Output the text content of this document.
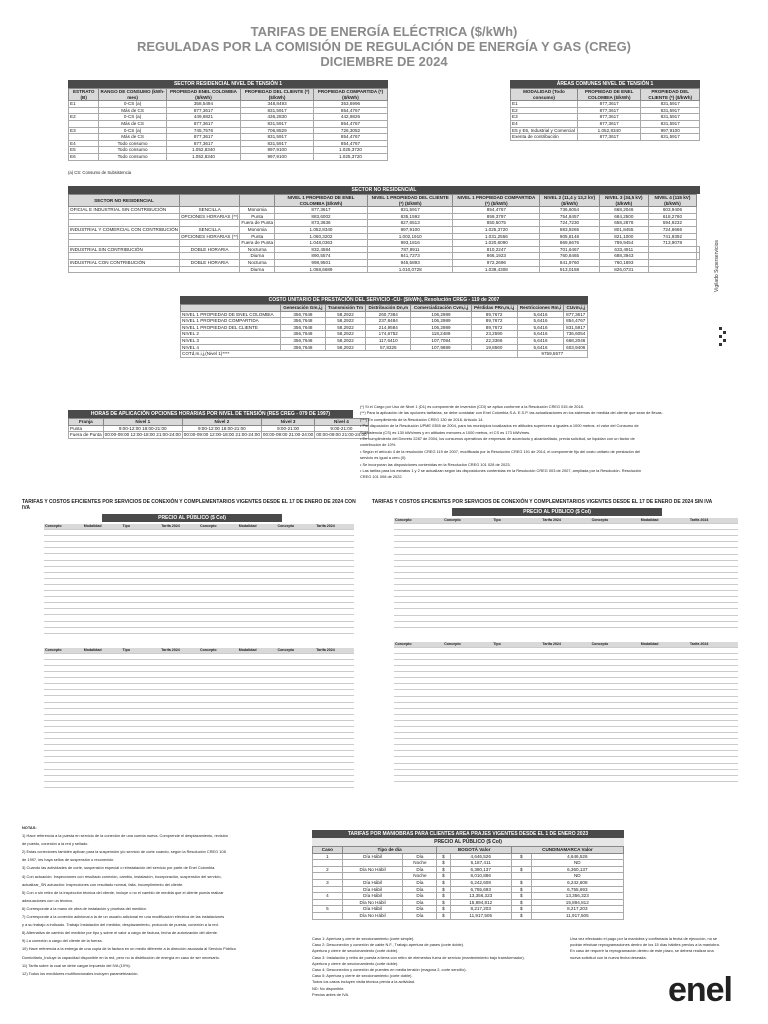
TARIFAS DE ENERGÍA ELÉCTRICA ($/kWh)
REGULADAS POR LA COMISIÓN DE REGULACIÓN DE ENERGÍA Y GAS (CREG)
DICIEMBRE DE 2024
SECTOR RESIDENCIAL NIVEL DE TENSIÓN 1
ESTRATO (B)	RANGO DE CONSUMO (kWh-mes)	PROPIEDAD ENEL COLOMBIA ($/kWh)	PROPIEDAD DEL CLIENTE (*) ($/kWh)	PROPIEDAD COMPARTIDA (*) ($/kWh)
E1	0-CS (a)	358,5494	348,8493	353,6996
	Más de CS	877,3617	831,5917	854,4767
E2	0-CS (a)	449,6821	436,2830	442,9826
	Más de CS	877,3617	831,5917	854,4767
E3	0-CS (a)	745,7576	706,8529	726,3052
	Más de CS	877,3617	831,5917	854,4767
E4	Todo consumo	877,3617	831,5917	854,4767
E5	Todo consumo	1.052,8340	997,9100	1.025,3720
E6	Todo consumo	1.052,8340	997,9100	1.025,3720
(a) CS: Consumo de Subsistencia
ÁREAS COMUNES NIVEL DE TENSIÓN 1
MODALIDAD (Todo consumo)	PROPIEDAD DE ENEL COLOMBIA ($/kWh)	PROPIEDAD DEL CLIENTE (*) ($/kWh)
E1	877,3617	831,5917
E2	877,3617	831,5917
E3	877,3617	831,5917
E4	877,3617	831,5917
E5 y E6, Industrial y Comercial	1.052,8340	997,9100
Exenta de contribución	877,3617	831,5917
SECTOR NO RESIDENCIAL
SECTOR NO RESIDENCIAL			NIVEL 1 PROPIEDAD DE ENEL COLOMBIA ($/kWh)	NIVEL 1 PROPIEDAD DEL CLIENTE (*) ($/kWh)	NIVEL 1 PROPIEDAD COMPARTIDA (*) ($/kWh)	NIVEL 2 (11,4 y 13,2 kV) ($/kWh)	NIVEL 3 (34,5 kV) ($/kWh)	NIVEL 4 (115 kV) ($/kWh)	
OFICIAL E INDUSTRIAL SIN CONTRIBUCIÓN	SENCILLA	Monomia	877,3617	831,5917	854,4767	736,6054	668,2046	603,9406	
	OPCIONES HORARIAS (**)	Punta	883,6002	835,1592	859,3797	754,8457	684,2500	618,2760	
		Fuera de Punta	873,3636	827,6513	850,5075	724,7230	658,2878	594,9232	
INDUSTRIAL Y COMERCIAL CON CONTRIBUCIÓN	SENCILLA	Monomia	1.052,8340	997,9100	1.025,3720	883,9265	801,8455	724,6666	
	OPCIONES HORARIAS (**)	Punta	1.060,3202	1.002,1910	1.031,2556	905,8148	821,1000	741,9392	
		Fuera de Punta	1.048,0363	993,1816	1.020,6090	869,6676	789,9454	713,9078	
INDUSTRIAL SIN CONTRIBUCIÓN	DOBLE HORARIA	Nocturna	832,4584	787,9911	810,2247	701,6467	633,4911		
		Diurna	890,5574	841,7273	866,1923	760,8465	688,3943		
INDUSTRIAL CON CONTRIBUCIÓN	DOBLE HORARIA	Nocturna	998,9501	945,5893	972,2696	841,9760	760,1893		
		Diurna	1.068,6689	1.010,0728	1.039,4308	913,0158	826,0731		
COSTO UNITARIO DE PRESTACIÓN DEL SERVICIO -CU- ($/kWh), Resolución CREG - 119 de 2007
	Generación Gm,i,j	Transmisión Tm	Distribución Dn,m	Comercialización Cvm,i,j	Pérdidas PRn,m,i,j	Restricciones Rm,i	CUvm,i,j
NIVEL 1 PROPIEDAD DE ENEL COLOMBIA	356,7648	58,2922	260,7384	106,2989	89,7672	5,6416	877,3617
NIVEL 1 PROPIEDAD COMPARTIDA	356,7648	58,2922	237,8484	106,2989	89,7672	5,6416	854,4767
NIVEL 1 PROPIEDAD DEL CLIENTE	356,7648	58,2922	214,9584	106,2989	89,7672	5,6416	831,5917
NIVEL 2	356,7648	58,2922	174,6752	118,2489	23,2590	5,6416	736,6054
NIVEL 3	356,7648	58,2922	117,6410	107,7084	22,3366	5,6416	668,2046
NIVEL 4	356,7648	58,2922	57,8325	107,9889	19,8560	5,6416	603,9406
COTd,m,i,j,(Nivel 1)****						9759,5577	
Vigilado Superservicios
HORAS DE APLICACIÓN OPCIONES HORARIAS POR NIVEL DE TENSIÓN (RES CREG - 079 DE 1997)
Franja	Nivel 1	Nivel 2	Nivel 3	Nivel 4
Punta	9:00-12:00 18:00-21:00	9:00-12:00 18:00-21:00	9:00-21:00	9:00-21:00
Fuera de Punta	00:00-09:00 12:00-18:00 21:00-24:00	00:00-09:00 12:00-18:00 21:00-24:00	00:00-09:00 21:00-24:00	00:00-09:00 21:00-24:00
(*) Si el Cargo por Uso de Nivel 1 (D1) es componente de inversión (CDI) se aplica conforme a la Resolución CREG 015 de 2018.
(**) Para la aplicación de las opciones tarifarias, se debe constatar con Enel Colombia S.A. E.S.P. las actualizaciones en los sistemas de medida del cliente que sean de flecas.
(***) En cumplimiento de la Resolución CREG 130 de 2016. Artículo 14.
• Por disposición de la Resolución UPME 0355 de 2004, para los municipios localizados en altitudes superiores a iguales a 1000 metros. el valor del Consumo de
Subsistencia (CS) es 130 kWh/mes y en altitudes menores a 1000 metros, el CS es 173 kWh/mes.
• En cumplimiento del Decreto 2287 de 2004, los consumos operativos de empresas de acueducto y alcantarillado, previa solicitud, se liquidan con un factor de
contribución de 10%.
• Según el artículo 4 de la resolución CREG 119 de 2007, modificada por la Resolución CREG 191 de 2014, el componente fijo del costo unitario de prestación del
servicio es igual a cero (0).
• Se incorporan las disposiciones contenidas en la Resolución CREG 101 028 de 2023.
• Las tarifas para los estratos 1 y 2 se actualizan según las disposiciones contenidas en la Resolución CREG 003 de 2007, ampliada por la Resolución. Resolución
CREG 101 008 de 2022.
TARIFAS Y COSTOS EFICIENTES POR SERVICIOS DE CONEXIÓN Y COMPLEMENTARIOS VIGENTES DESDE EL 17 DE ENERO DE 2024 CON IVA
PRECIO AL PÚBLICO ($ Col)
Concepto	Modalidad	Tipo	Tarifa 2024	Concepto	Modalidad	Concepto	Tarifa 2024
Concepto	Modalidad	Tipo	Tarifa 2024	Concepto	Modalidad	Concepto	Tarifa 2024
TARIFAS Y COSTOS EFICIENTES POR SERVICIOS DE CONEXIÓN Y COMPLEMENTARIOS VIGENTES DESDE EL 17 DE ENERO DE 2024 SIN IVA
PRECIO AL PÚBLICO ($ Col)
Concepto	Concepto	Tipo	Tarifa 2024	Concepto	Modalidad	Tarifa 2024
Concepto	Concepto	Tipo	Tarifa 2024	Concepto	Modalidad	Tarifa 2024
TARIFAS POR MANIOBRAS PARA CLIENTES AREA PRAJES VIGENTES DESDE EL 1 DE ENERO 2023
PRECIO AL PÚBLICO ($ Col)
Caso	Tipo de día		BOGOTÁ Valor		CUNDINAMARCA Valor	
1	Día Hábil	Día	$	4,646,526	$	4,646,526
		Noche	$	6,187,411		ND
2	Día No Hábil	Día	$	6,360,137	$	6,360,137
		Noche	$	8,010,886		ND
3	Día Hábil	Día	$	6,242,608	$	6,242,608
	Día Hábil	Día	$	6,755,693	$	6,755,693
4	Día Hábil	Día	$	13,356,323	$	13,356,323
	Día No Hábil	Día	$	15,894,812	$	15,894,812
5	Día Hábil	Día	$	8,217,203	$	8,217,203
	Día No Hábil	Día	$	11,917,505	$	11,917,505
Caso 1: Apertura y cierre de seccionamiento (corte simple).
Caso 2: Desconexión y conexión de cable N.F., Trabajo apertura de pases (corte doble).
Apertura y cierre de seccionamiento (corte doble).
Caso 3: Instalación y retiro de puesta a tierra con retiro de elementos fuera de servicio (mantenimiento bajo transformador).
Apertura y cierre de seccionamiento (corte doble).
Caso 4: Desconexión y conexión de puentes en media tensión (maguna 2, corte sencillo).
Caso 5: Apertura y cierre de seccionamiento (corte doble).
Todos los casos incluyen visita técnica previa a la actividad.
ND: No disponible.
Precios antes de IVA.
Una vez efectuado el pago por la maniobra y confirmada la fecha de ejecución, no se
podrán efectuar reprogramaciones dentro de los 15 días hábiles previos a la maniobra.
En caso de requerir la reprogramación dentro de este plazo, se deberá realizar una
nueva solicitud con la nueva fecha deseada.
NOTAS:
1) Hace referencia a la puesta en servicio de la conexión de una cuenta nueva. Comprende el desplazamiento, revisión
de puesto, conexión a la red y sellado.
2) Estas conexiones también aplican para la suspensión y/o servicio de corte cuando, según la Resolución CREG 108
de 1997, les haya sellos de suspensión o reconexión.
3) Cuando las actividades de corte, suspensión especial o reinstalación del servicio por parte de Enel Colombia.
4) Con actuación: Inspecciones con resultado conexión, cambio, instalación, incorporación, suspensión del servicio,
actualizar_SN actuación: Inspecciones con resultado normal, falla, incumplimiento del cliente.
5) Con o sin retiro de la inspección técnica del cliente, incluye o no el cambio de medida que el cliente pueda realizar
adecuaciones con un técnico.
6) Corresponde a la mano de obra de instalación y pruebas del medidor.
7) Corresponde a la conexión adicional a la de un usuario adicional en una modificación eléctrica de las instalaciones
y a su trabajo a indicado. Trabajo Instalación del medidor, desplazamiento, protocolo de puesta, conexión a la red.
8) Alternativa de cambio del medidor por tipo y sobre el valor a cargo de factura, fecha de autorización del cliente.
9) La conexión a cargo del cliente de la fuerza.
10) Hace referencia a la entrega de una copia de la factura en un medio diferente a la dirección asociada al Servicio Público
Domiciliario_Incluye la capacidad disponible en la red, pero no la distribución de energía en caso de ser necesario.
11) Tarifa sobre la cual se debe cargar Impuesto del IVA (19%).
12) Todos los medidores multifuncionales incluyen parametrización.	enel
